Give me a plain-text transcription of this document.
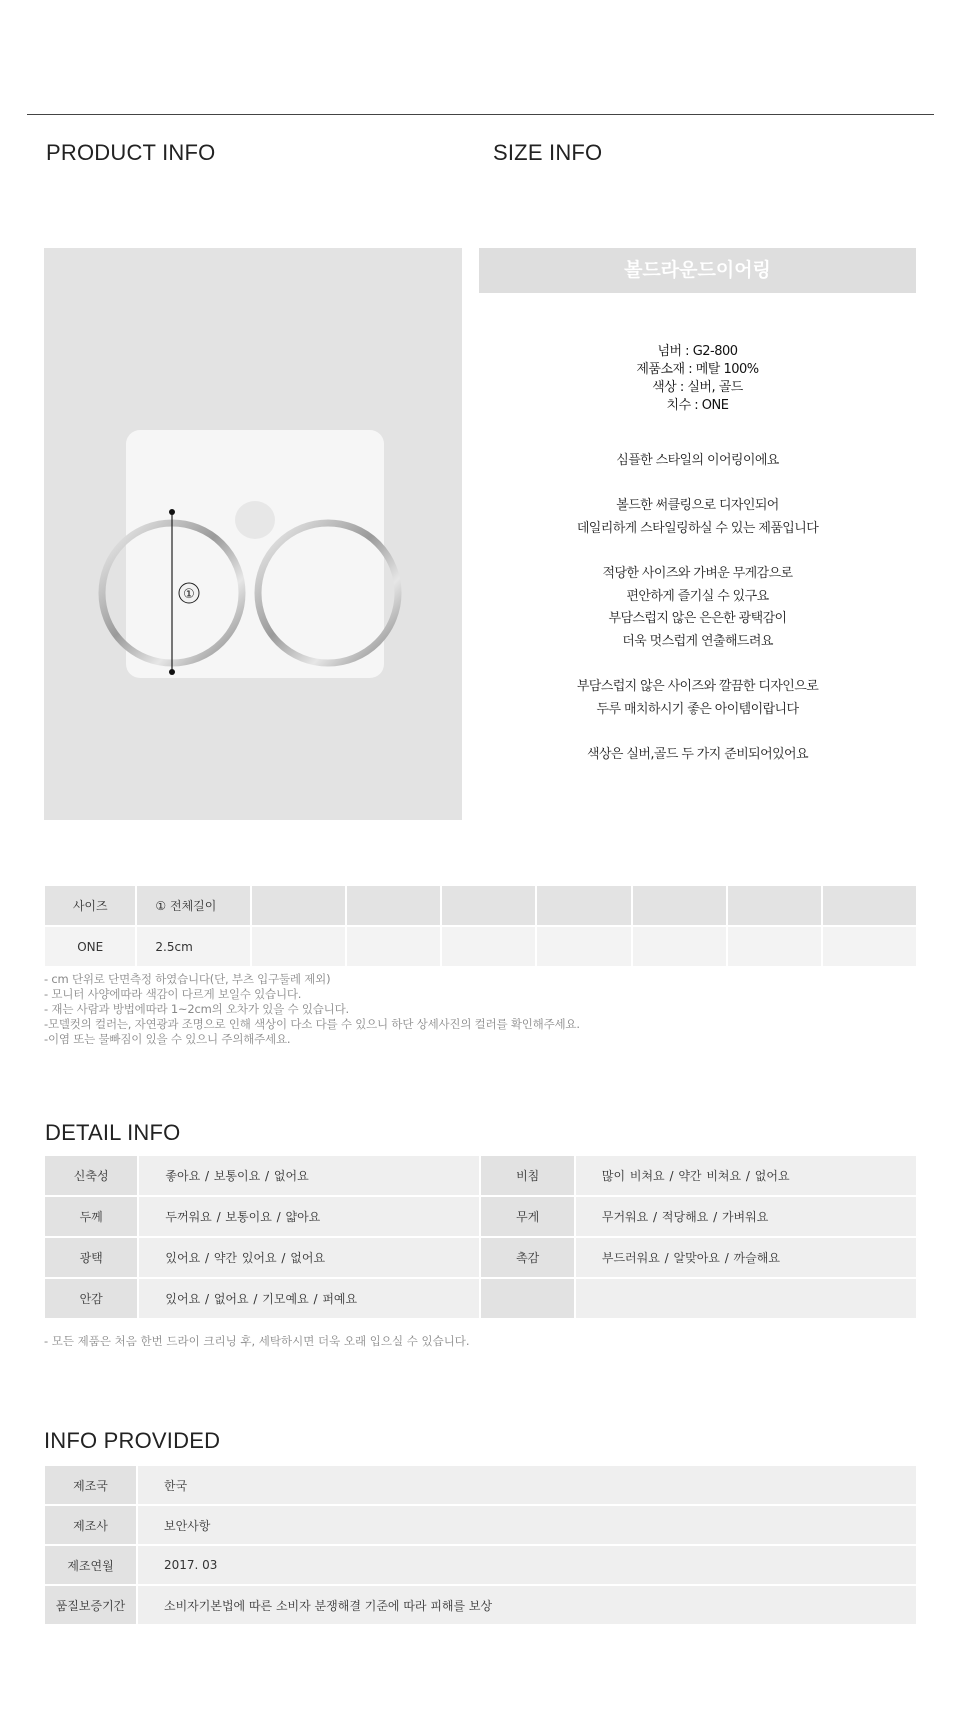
PRODUCT INFO	SIZE INFO
①
볼드라운드이어링
넘버 : G2-800
제품소재 : 메탈 100%
색상 : 실버, 골드
치수 : ONE
심플한 스타일의 이어링이에요
볼드한 써클링으로 디자인되어
데일리하게 스타일링하실 수 있는 제품입니다
적당한 사이즈와 가벼운 무게감으로
편안하게 즐기실 수 있구요
부담스럽지 않은 은은한 광택감이
더욱 멋스럽게 연출해드려요
부담스럽지 않은 사이즈와 깔끔한 디자인으로
두루 매치하시기 좋은 아이템이랍니다
색상은 실버,골드 두 가지 준비되어있어요
사이즈	① 전체길이							
ONE	2.5cm							
- cm 단위로 단면측정 하였습니다(단, 부츠 입구둘레 제외)
- 모니터 사양에따라 색감이 다르게 보일수 있습니다.
- 재는 사람과 방법에따라 1~2cm의 오차가 있을 수 있습니다.
-모델컷의 컬러는, 자연광과 조명으로 인해 색상이 다소 다를 수 있으니 하단 상세사진의 컬러를 확인해주세요.
-이염 또는 물빠짐이 있을 수 있으니 주의해주세요.
DETAIL INFO
신축성	좋아요 / 보통이요 / 없어요	비침	많이 비쳐요 / 약간 비쳐요 / 없어요
두께	두꺼워요 / 보통이요 / 얇아요	무게	무거워요 / 적당해요 / 가벼워요
광택	있어요 / 약간 있어요 / 없어요	촉감	부드러워요 / 알맞아요 / 까슬해요
안감	있어요 / 없어요 / 기모예요 / 퍼예요		
- 모든 제품은 처음 한번 드라이 크리닝 후, 세탁하시면 더욱 오래 입으실 수 있습니다.
INFO PROVIDED
제조국	한국
제조사	보안사항
제조연월	2017. 03
품질보증기간	소비자기본법에 따른 소비자 분쟁해결 기준에 따라 피해를 보상
